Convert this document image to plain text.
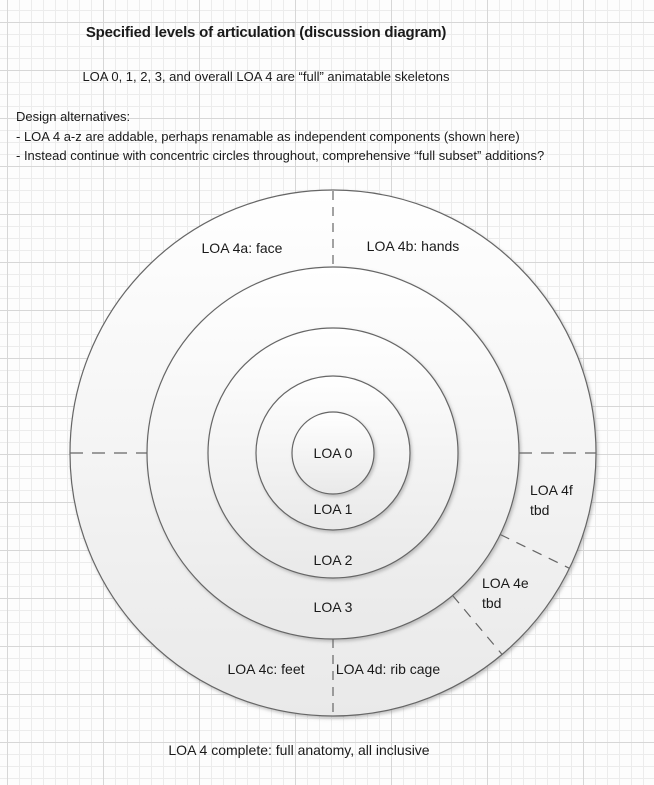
Specified levels of articulation (discussion diagram)
LOA 0, 1, 2, 3, and overall LOA 4 are “full” animatable skeletons
Design alternatives:
- LOA 4 a-z are addable, perhaps renamable as independent components (shown here)
- Instead continue with concentric circles throughout, comprehensive “full subset” additions?
LOA 0
LOA 1
LOA 2
LOA 3
LOA 4a: face	LOA 4b: hands
LOA 4c: feet	LOA 4d: rib cage
LOA 4f
tbd
LOA 4e
tbd
LOA 4 complete: full anatomy, all inclusive
